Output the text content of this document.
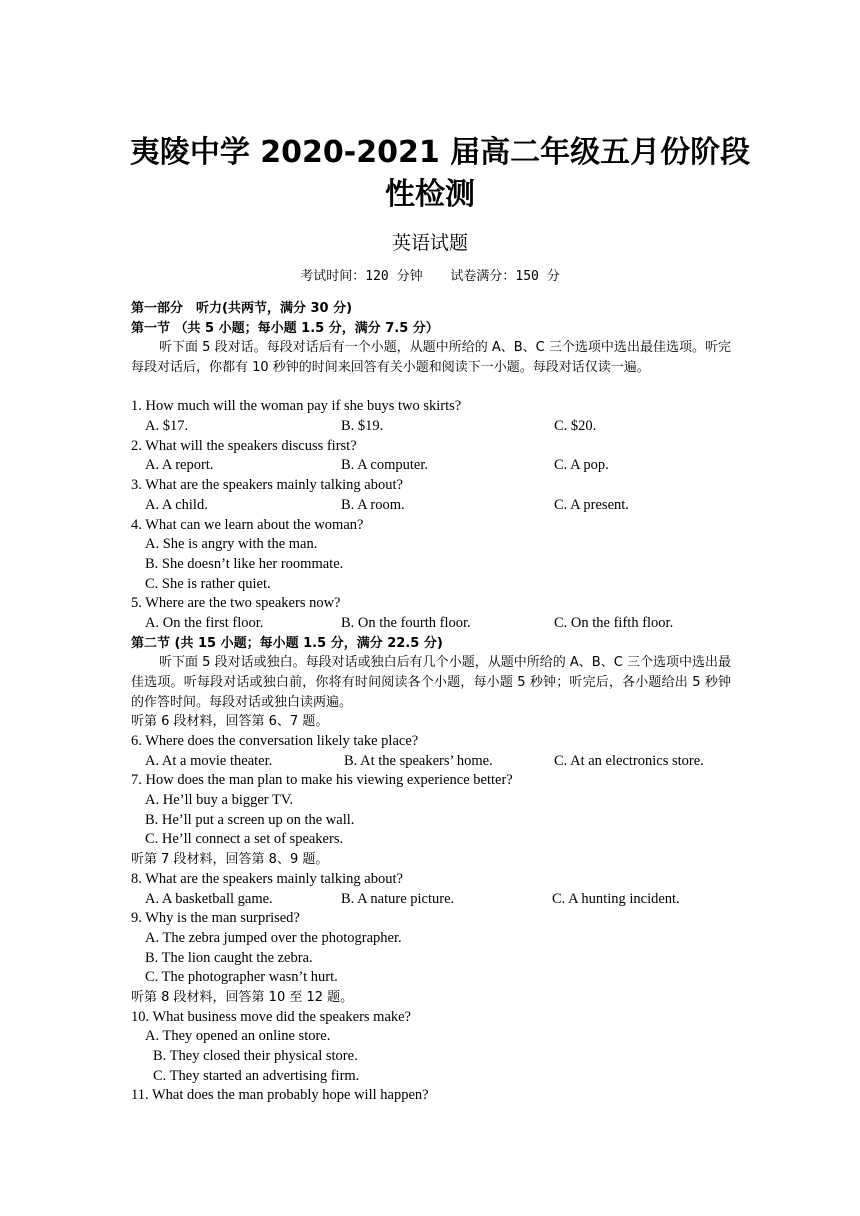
夷陵中学 2020-2021 届高二年级五月份阶段
性检测
英语试题
考试时间：120 分钟 试卷满分：150 分
第一部分　听力(共两节，满分 30 分)
第一节 （共 5 小题；每小题 1.5 分，满分 7.5 分）
听下面 5 段对话。每段对话后有一个小题，从题中所给的 A、B、C 三个选项中选出最佳选项。听完每段对话后，你都有 10 秒钟的时间来回答有关小题和阅读下一小题。每段对话仅读一遍。
1. How much will the woman pay if she buys two skirts?
A. $17.	B. $19.	C. $20.
2. What will the speakers discuss first?
A. A report.	B. A computer.	C. A pop.
3. What are the speakers mainly talking about?
A. A child.	B. A room.	C. A present.
4. What can we learn about the woman?
A. She is angry with the man.
B. She doesn’t like her roommate.
C. She is rather quiet.
5. Where are the two speakers now?
A. On the first floor.	B. On the fourth floor.	C. On the fifth floor.
第二节 (共 15 小题；每小题 1.5 分，满分 22.5 分)
听下面 5 段对话或独白。每段对话或独白后有几个小题，从题中所给的 A、B、C 三个选项中选出最佳选项。听每段对话或独白前，你将有时间阅读各个小题，每小题 5 秒钟；听完后，各小题给出 5 秒钟的作答时间。每段对话或独白读两遍。
听第 6 段材料，回答第 6、7 题。
6. Where does the conversation likely take place?
A. At a movie theater.	B. At the speakers’ home.	C. At an electronics store.
7. How does the man plan to make his viewing experience better?
A. He’ll buy a bigger TV.
B. He’ll put a screen up on the wall.
C. He’ll connect a set of speakers.
听第 7 段材料，回答第 8、9 题。
8. What are the speakers mainly talking about?
A. A basketball game.	B. A nature picture.	C. A hunting incident.
9. Why is the man surprised?
A. The zebra jumped over the photographer.
B. The lion caught the zebra.
C. The photographer wasn’t hurt.
听第 8 段材料，回答第 10 至 12 题。
10. What business move did the speakers make?
A. They opened an online store.
B. They closed their physical store.
C. They started an advertising firm.
11. What does the man probably hope will happen?
